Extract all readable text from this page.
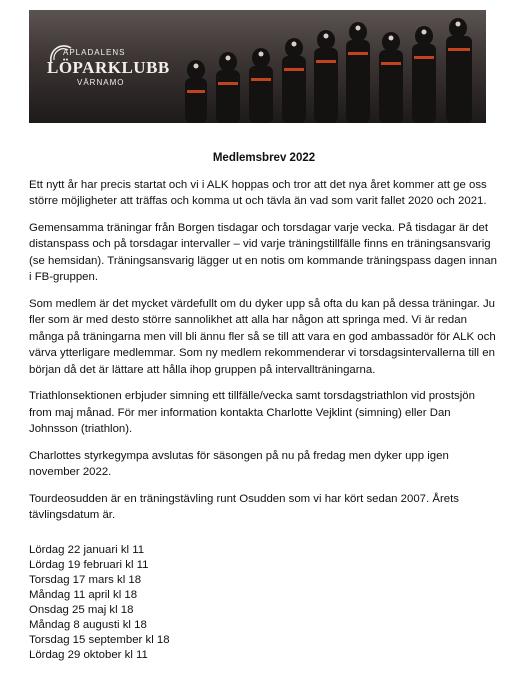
APLADALENS
LÖPARKLUBB
VÄRNAMO
Medlemsbrev 2022

Ett nytt år har precis startat och vi i ALK hoppas och tror att det nya året kommer att ge oss större möjligheter att träffas och komma ut och tävla än vad som varit fallet 2020 och 2021.

Gemensamma träningar från Borgen tisdagar och torsdagar varje vecka. På tisdagar är det distanspass och på torsdagar intervaller – vid varje träningstillfälle finns en träningsansvarig (se hemsidan). Träningsansvarig lägger ut en notis om kommande träningspass dagen innan i FB-gruppen.

Som medlem är det mycket värdefullt om du dyker upp så ofta du kan på dessa träningar. Ju fler som är med desto större sannolikhet att alla har någon att springa med. Vi är redan många på träningarna men vill bli ännu fler så se till att vara en god ambassadör för ALK och värva ytterligare medlemmar. Som ny medlem rekommenderar vi torsdagsintervallerna till en början då det är lättare att hålla ihop gruppen på intervallträningarna.

Triathlonsektionen erbjuder simning ett tillfälle/vecka samt torsdagstriathlon vid prostsjön from maj månad. För mer information kontakta Charlotte Vejklint (simning) eller Dan Johnsson (triathlon).

Charlottes styrkegympa avslutas för säsongen på nu på fredag men dyker upp igen november 2022.

Tourdeosudden är en träningstävling runt Osudden som vi har kört sedan 2007. Årets tävlingsdatum är.

Lördag 22 januari kl 11
Lördag 19 februari kl 11
Torsdag 17 mars kl 18
Måndag 11 april kl 18
Onsdag 25 maj kl 18
Måndag 8 augusti kl 18
Torsdag 15 september kl 18
Lördag 29 oktober kl 11
